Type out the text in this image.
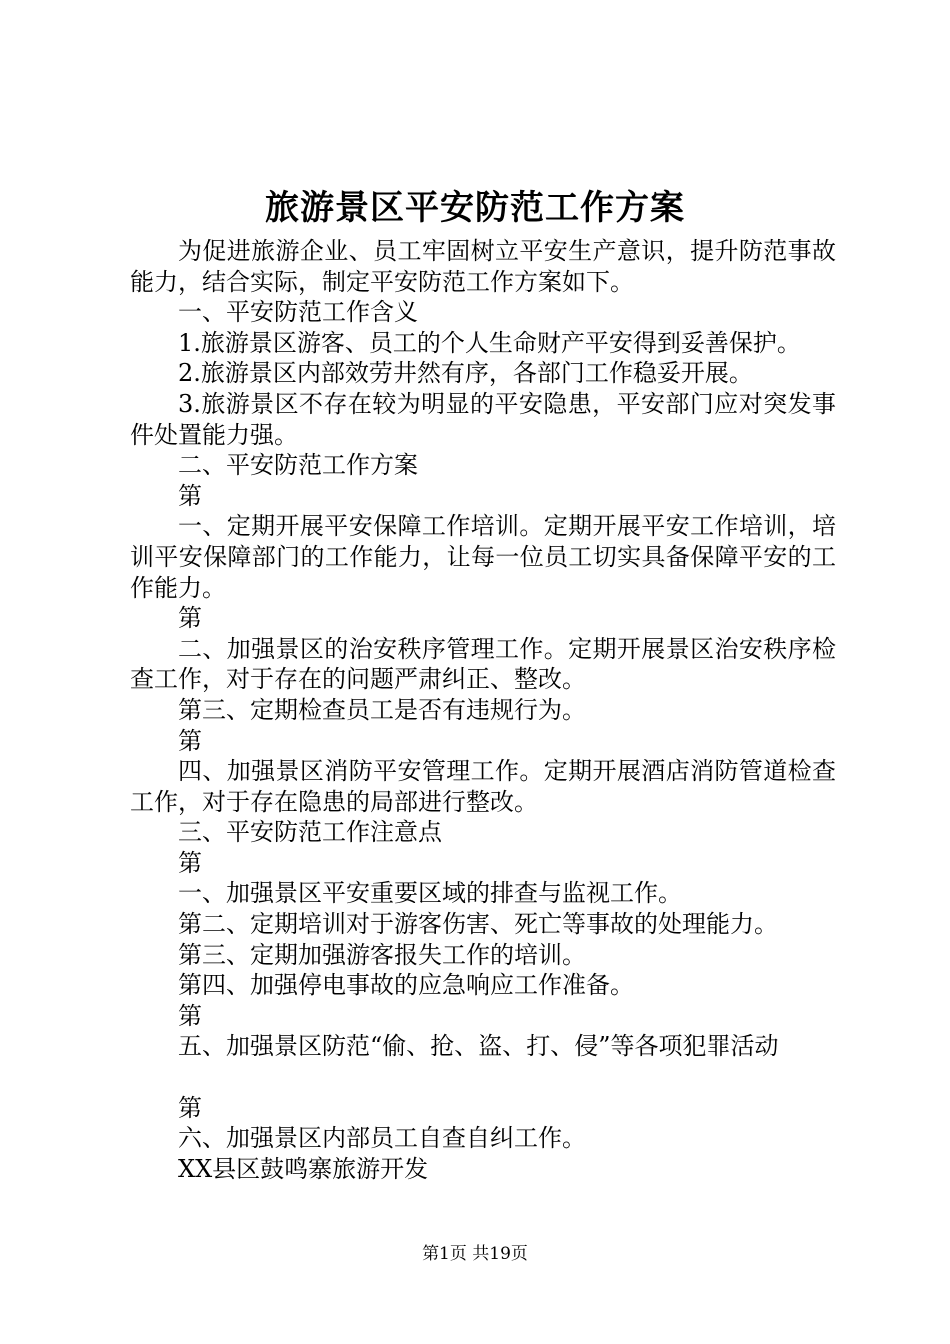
旅游景区平安防范工作方案

为促进旅游企业、员工牢固树立平安生产意识，提升防范事故能力，结合实际，制定平安防范工作方案如下。

一、平安防范工作含义

1.旅游景区游客、员工的个人生命财产平安得到妥善保护。

2.旅游景区内部效劳井然有序，各部门工作稳妥开展。

3.旅游景区不存在较为明显的平安隐患，平安部门应对突发事件处置能力强。

二、平安防范工作方案

第

一、定期开展平安保障工作培训。定期开展平安工作培训，培训平安保障部门的工作能力，让每一位员工切实具备保障平安的工作能力。

第

二、加强景区的治安秩序管理工作。定期开展景区治安秩序检查工作，对于存在的问题严肃纠正、整改。

第三、定期检查员工是否有违规行为。

第

四、加强景区消防平安管理工作。定期开展酒店消防管道检查工作，对于存在隐患的局部进行整改。

三、平安防范工作注意点

第

一、加强景区平安重要区域的排查与监视工作。

第二、定期培训对于游客伤害、死亡等事故的处理能力。

第三、定期加强游客报失工作的培训。

第四、加强停电事故的应急响应工作准备。

第

五、加强景区防范“偷、抢、盗、打、侵”等各项犯罪活动

第

六、加强景区内部员工自查自纠工作。

XX县区鼓鸣寨旅游开发

第1页 共19页
